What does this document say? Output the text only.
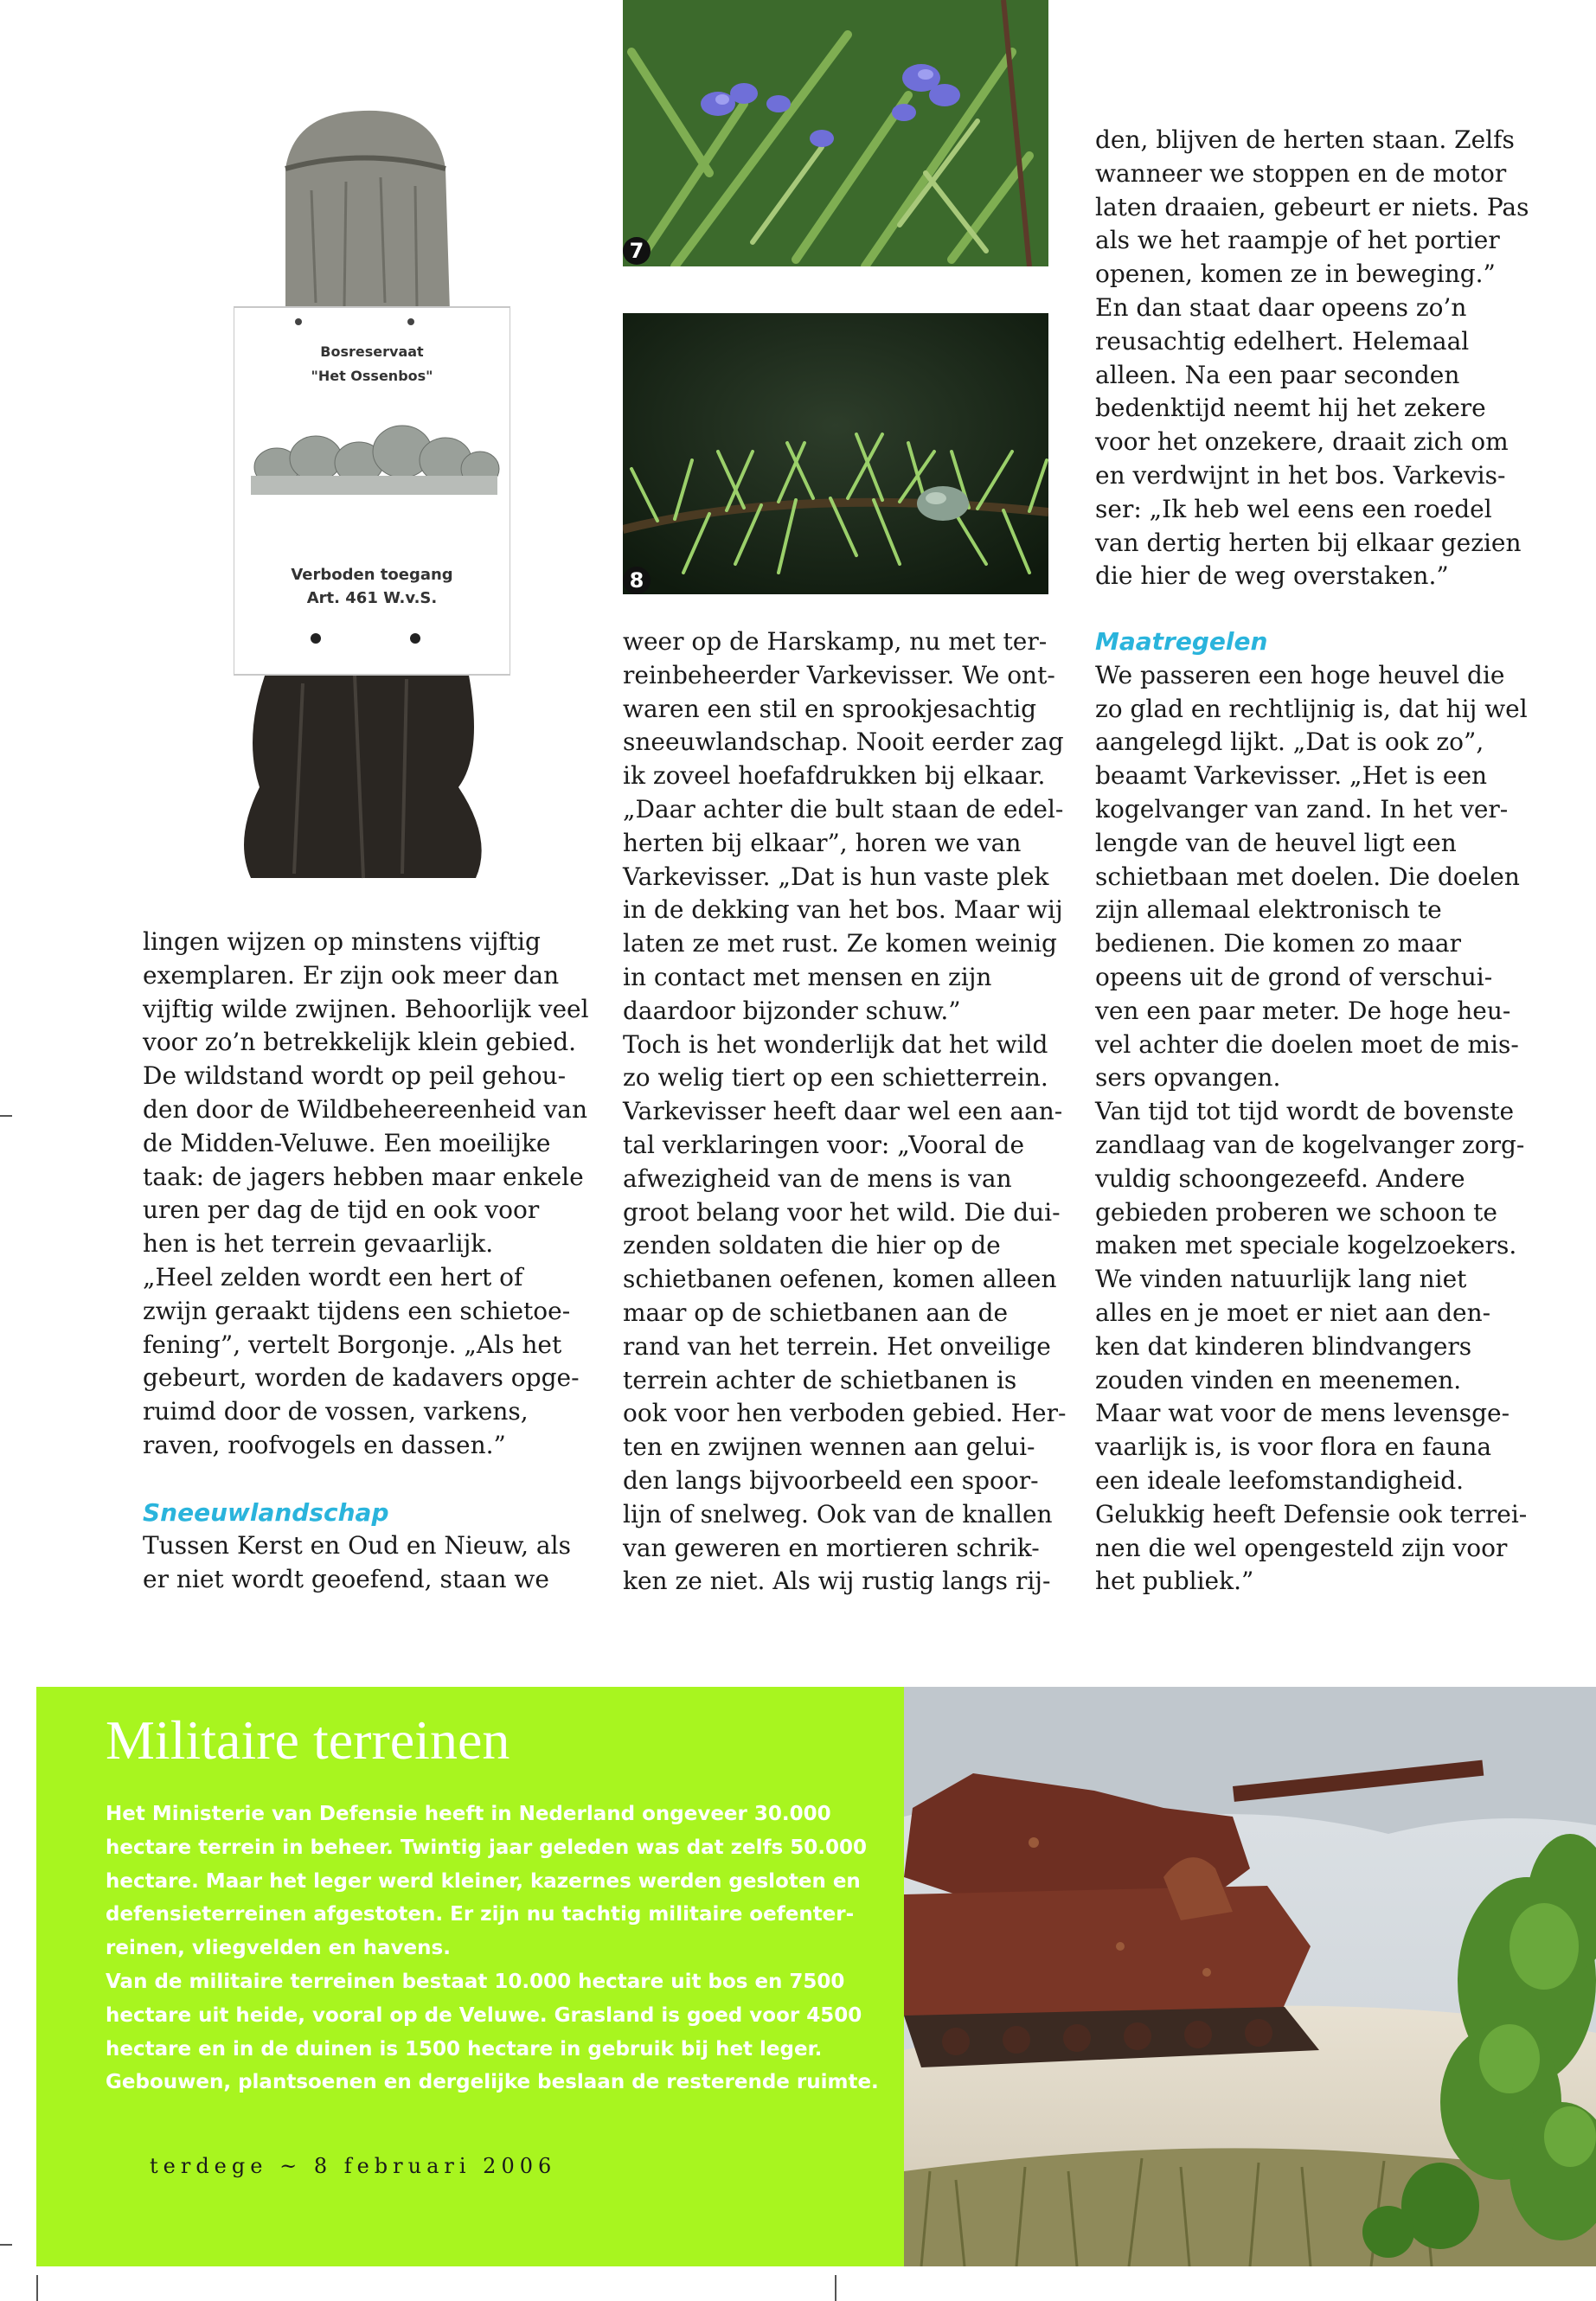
Bosreservaat
"Het Ossenbos"
Verboden toegang
Art. 461 W.v.S.
7
8

den, blijven de herten staan. Zelfs

wanneer we stoppen en de motor

laten draaien, gebeurt er niets. Pas

als we het raampje of het portier

openen, komen ze in beweging.”

En dan staat daar opeens zo’n

reusachtig edelhert. Helemaal

alleen. Na een paar seconden

bedenktijd neemt hij het zekere

voor het onzekere, draait zich om

en verdwijnt in het bos. Varkevis-

ser: „Ik heb wel eens een roedel

van dertig herten bij elkaar gezien

die hier de weg overstaken.”

lingen wijzen op minstens vijftig

exemplaren. Er zijn ook meer dan

vijftig wilde zwijnen. Behoorlijk veel

voor zo’n betrekkelijk klein gebied.

De wildstand wordt op peil gehou-

den door de Wildbeheereenheid van

de Midden-Veluwe. Een moeilijke

taak: de jagers hebben maar enkele

uren per dag de tijd en ook voor

hen is het terrein gevaarlijk.

„Heel zelden wordt een hert of

zwijn geraakt tijdens een schietoe-

fening”, vertelt Borgonje. „Als het

gebeurt, worden de kadavers opge-

ruimd door de vossen, varkens,

raven, roofvogels en dassen.”

Sneeuwlandschap

Tussen Kerst en Oud en Nieuw, als

er niet wordt geoefend, staan we

weer op de Harskamp, nu met ter-

reinbeheerder Varkevisser. We ont-

waren een stil en sprookjesachtig

sneeuwlandschap. Nooit eerder zag

ik zoveel hoefafdrukken bij elkaar.

„Daar achter die bult staan de edel-

herten bij elkaar”, horen we van

Varkevisser. „Dat is hun vaste plek

in de dekking van het bos. Maar wij

laten ze met rust. Ze komen weinig

in contact met mensen en zijn

daardoor bijzonder schuw.”

Toch is het wonderlijk dat het wild

zo welig tiert op een schietterrein.

Varkevisser heeft daar wel een aan-

tal verklaringen voor: „Vooral de

afwezigheid van de mens is van

groot belang voor het wild. Die dui-

zenden soldaten die hier op de

schietbanen oefenen, komen alleen

maar op de schietbanen aan de

rand van het terrein. Het onveilige

terrein achter de schietbanen is

ook voor hen verboden gebied. Her-

ten en zwijnen wennen aan gelui-

den langs bijvoorbeeld een spoor-

lijn of snelweg. Ook van de knallen

van geweren en mortieren schrik-

ken ze niet. Als wij rustig langs rij-

Maatregelen

We passeren een hoge heuvel die

zo glad en rechtlijnig is, dat hij wel

aangelegd lijkt. „Dat is ook zo”,

beaamt Varkevisser. „Het is een

kogelvanger van zand. In het ver-

lengde van de heuvel ligt een

schietbaan met doelen. Die doelen

zijn allemaal elektronisch te

bedienen. Die komen zo maar

opeens uit de grond of verschui-

ven een paar meter. De hoge heu-

vel achter die doelen moet de mis-

sers opvangen.

Van tijd tot tijd wordt de bovenste

zandlaag van de kogelvanger zorg-

vuldig schoongezeefd. Andere

gebieden proberen we schoon te

maken met speciale kogelzoekers.

We vinden natuurlijk lang niet

alles en je moet er niet aan den-

ken dat kinderen blindvangers

zouden vinden en meenemen.

Maar wat voor de mens levensge-

vaarlijk is, is voor flora en fauna

een ideale leefomstandigheid.

Gelukkig heeft Defensie ook terrei-

nen die wel opengesteld zijn voor

het publiek.”

Militaire terreinen

Het Ministerie van Defensie heeft in Nederland ongeveer 30.000

hectare terrein in beheer. Twintig jaar geleden was dat zelfs 50.000

hectare. Maar het leger werd kleiner, kazernes werden gesloten en

defensieterreinen afgestoten. Er zijn nu tachtig militaire oefenter-

reinen, vliegvelden en havens.

Van de militaire terreinen bestaat 10.000 hectare uit bos en 7500

hectare uit heide, vooral op de Veluwe. Grasland is goed voor 4500

hectare en in de duinen is 1500 hectare in gebruik bij het leger.

Gebouwen, plantsoenen en dergelijke beslaan de resterende ruimte.

terdege ~ 8 februari 2006
